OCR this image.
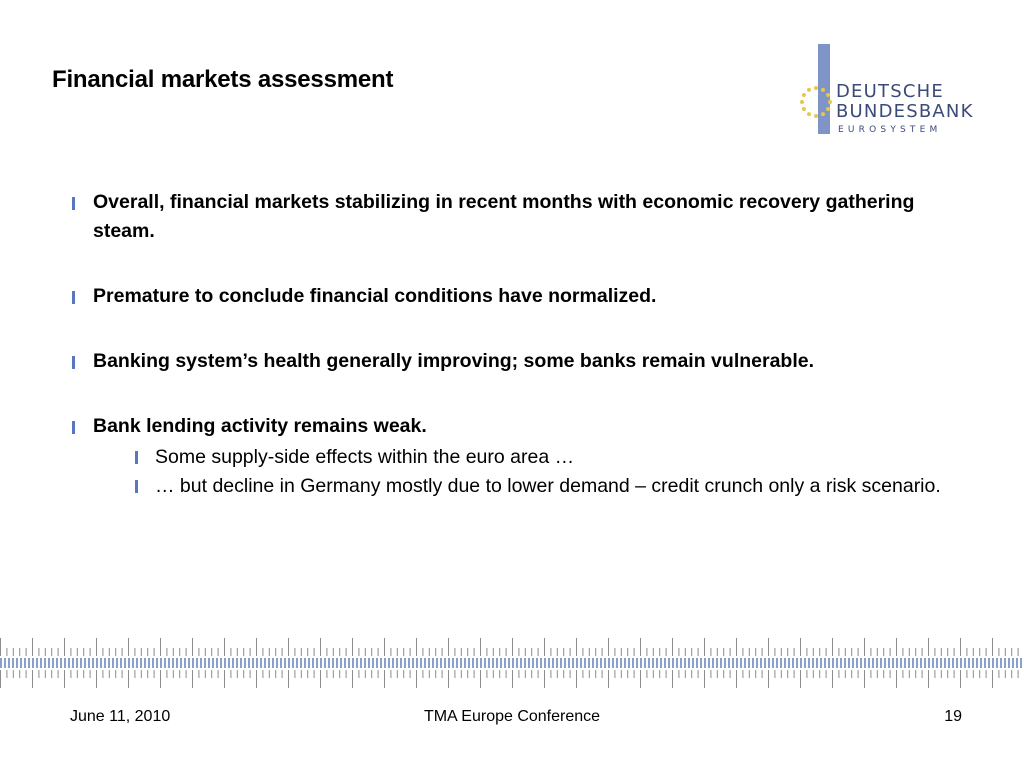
Financial markets assessment	DEUTSCHE
BUNDESBANK
EUROSYSTEM
Overall, financial markets stabilizing in recent months with economic recovery gathering steam.
Premature to conclude financial conditions have normalized.
Banking system’s health generally improving; some banks remain vulnerable.
Bank lending activity remains weak.
Some supply-side effects within the euro area …
… but decline in Germany mostly due to lower demand – credit crunch only a risk scenario.
June 11, 2010	TMA Europe Conference	19
